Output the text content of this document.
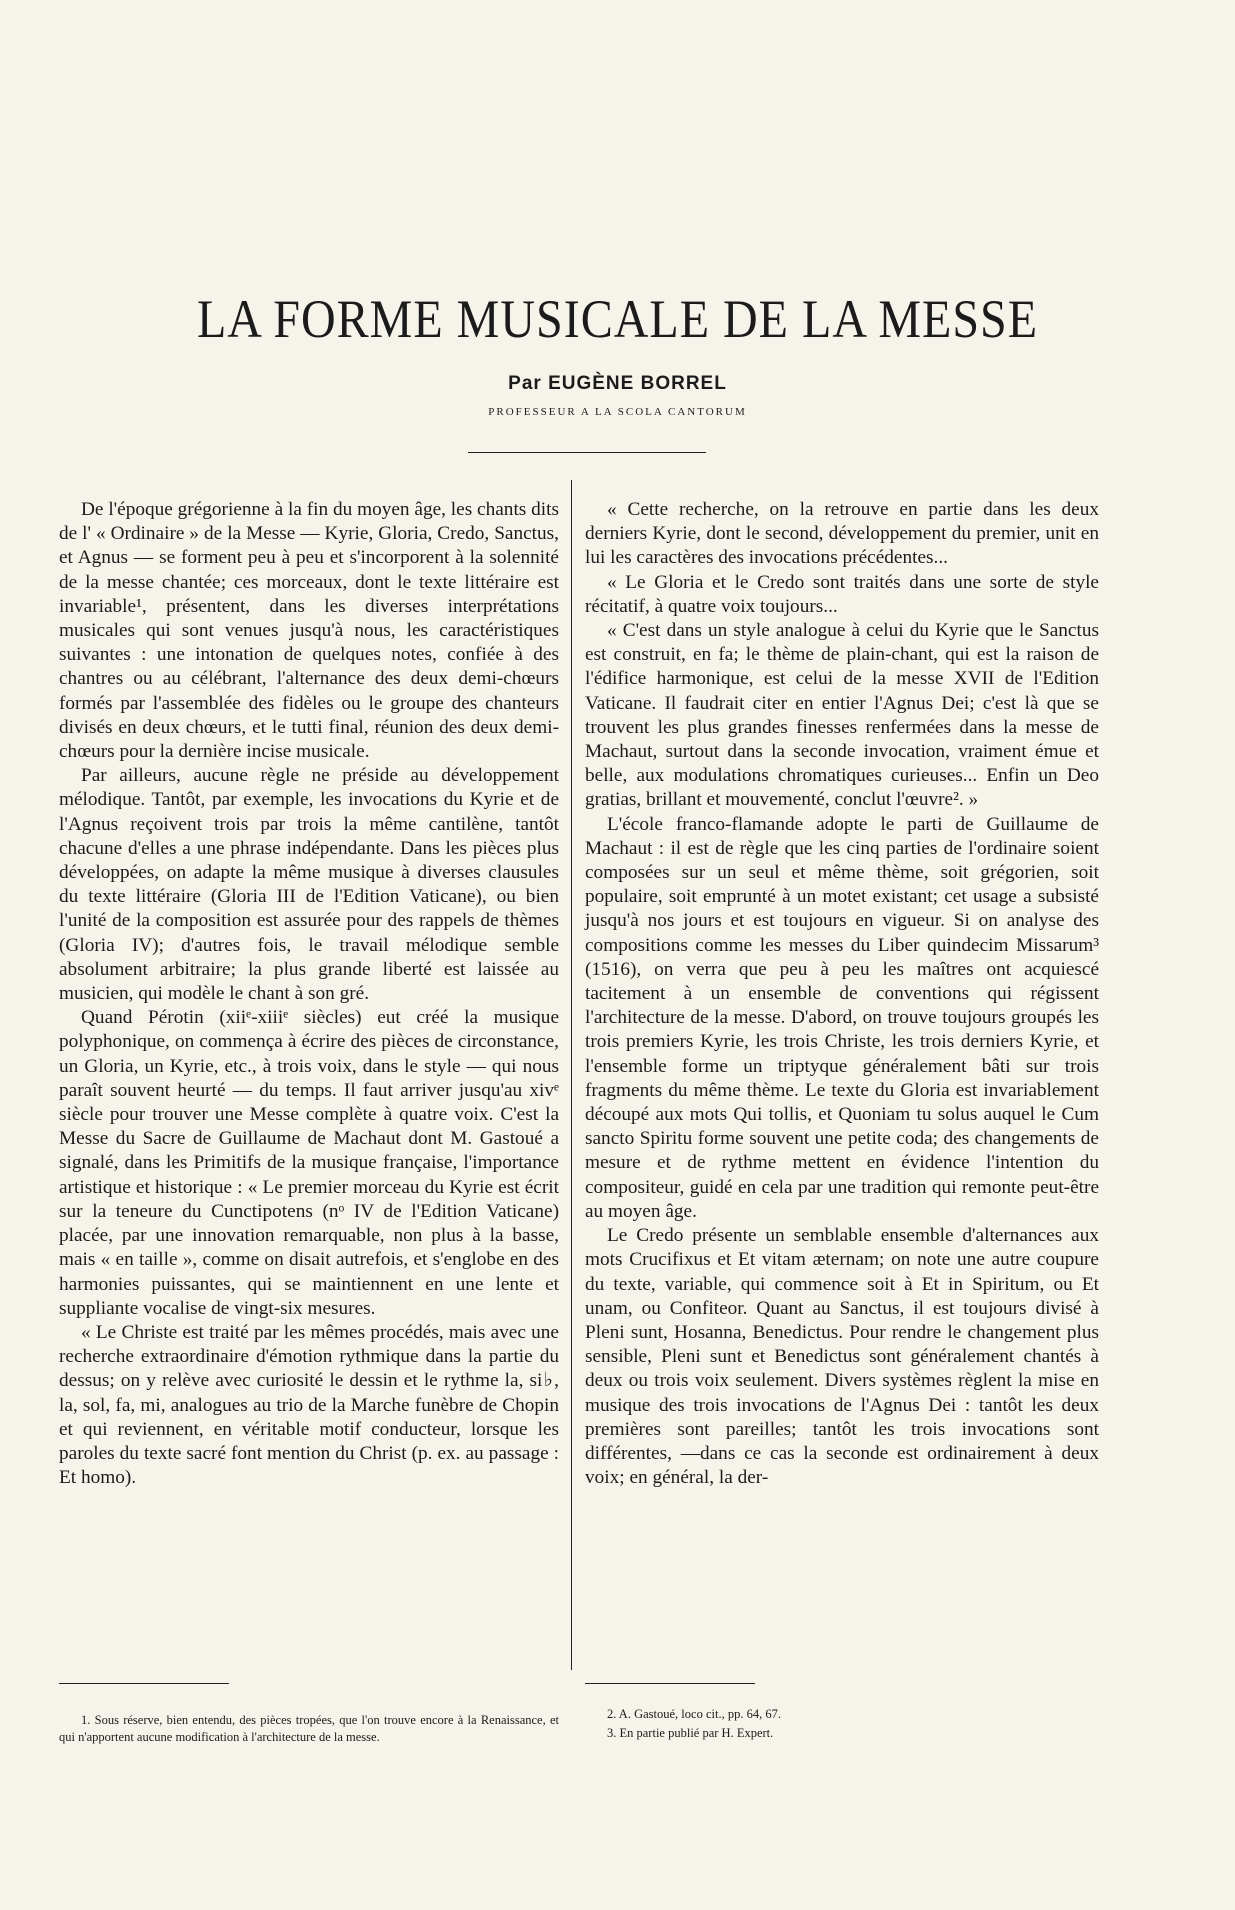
LA FORME MUSICALE DE LA MESSE
Par EUGÈNE BORREL
PROFESSEUR A LA SCOLA CANTORUM

De l'époque grégorienne à la fin du moyen âge, les chants dits de l' « Ordinaire » de la Messe — Kyrie, Gloria, Credo, Sanctus, et Agnus — se forment peu à peu et s'incorporent à la solennité de la messe chantée; ces morceaux, dont le texte littéraire est invariable¹, présentent, dans les diverses interprétations musicales qui sont venues jusqu'à nous, les caractéristiques suivantes : une intonation de quelques notes, confiée à des chantres ou au célébrant, l'alternance des deux demi-chœurs formés par l'assemblée des fidèles ou le groupe des chanteurs divisés en deux chœurs, et le tutti final, réunion des deux demi-chœurs pour la dernière incise musicale.

Par ailleurs, aucune règle ne préside au développement mélodique. Tantôt, par exemple, les invocations du Kyrie et de l'Agnus reçoivent trois par trois la même cantilène, tantôt chacune d'elles a une phrase indépendante. Dans les pièces plus développées, on adapte la même musique à diverses clausules du texte littéraire (Gloria III de l'Edition Vaticane), ou bien l'unité de la composition est assurée pour des rappels de thèmes (Gloria IV); d'autres fois, le travail mélodique semble absolument arbitraire; la plus grande liberté est laissée au musicien, qui modèle le chant à son gré.

Quand Pérotin (xiiᵉ-xiiiᵉ siècles) eut créé la musique polyphonique, on commença à écrire des pièces de circonstance, un Gloria, un Kyrie, etc., à trois voix, dans le style — qui nous paraît souvent heurté — du temps. Il faut arriver jusqu'au xivᵉ siècle pour trouver une Messe complète à quatre voix. C'est la Messe du Sacre de Guillaume de Machaut dont M. Gastoué a signalé, dans les Primitifs de la musique française, l'importance artistique et historique : « Le premier morceau du Kyrie est écrit sur la teneure du Cunctipotens (nᵒ IV de l'Edition Vaticane) placée, par une innovation remarquable, non plus à la basse, mais « en taille », comme on disait autrefois, et s'englobe en des harmonies puissantes, qui se maintiennent en une lente et suppliante vocalise de vingt-six mesures.

« Le Christe est traité par les mêmes procédés, mais avec une recherche extraordinaire d'émotion rythmique dans la partie du dessus; on y relève avec curiosité le dessin et le rythme la, si♭, la, sol, fa, mi, analogues au trio de la Marche funèbre de Chopin et qui reviennent, en véritable motif conducteur, lorsque les paroles du texte sacré font mention du Christ (p. ex. au passage : Et homo).

« Cette recherche, on la retrouve en partie dans les deux derniers Kyrie, dont le second, développement du premier, unit en lui les caractères des invocations précédentes...

« Le Gloria et le Credo sont traités dans une sorte de style récitatif, à quatre voix toujours...

« C'est dans un style analogue à celui du Kyrie que le Sanctus est construit, en fa; le thème de plain-chant, qui est la raison de l'édifice harmonique, est celui de la messe XVII de l'Edition Vaticane. Il faudrait citer en entier l'Agnus Dei; c'est là que se trouvent les plus grandes finesses renfermées dans la messe de Machaut, surtout dans la seconde invocation, vraiment émue et belle, aux modulations chromatiques curieuses... Enfin un Deo gratias, brillant et mouvementé, conclut l'œuvre². »

L'école franco-flamande adopte le parti de Guillaume de Machaut : il est de règle que les cinq parties de l'ordinaire soient composées sur un seul et même thème, soit grégorien, soit populaire, soit emprunté à un motet existant; cet usage a subsisté jusqu'à nos jours et est toujours en vigueur. Si on analyse des compositions comme les messes du Liber quindecim Missarum³ (1516), on verra que peu à peu les maîtres ont acquiescé tacitement à un ensemble de conventions qui régissent l'architecture de la messe. D'abord, on trouve toujours groupés les trois premiers Kyrie, les trois Christe, les trois derniers Kyrie, et l'ensemble forme un triptyque généralement bâti sur trois fragments du même thème. Le texte du Gloria est invariablement découpé aux mots Qui tollis, et Quoniam tu solus auquel le Cum sancto Spiritu forme souvent une petite coda; des changements de mesure et de rythme mettent en évidence l'intention du compositeur, guidé en cela par une tradition qui remonte peut-être au moyen âge.

Le Credo présente un semblable ensemble d'alternances aux mots Crucifixus et Et vitam æternam; on note une autre coupure du texte, variable, qui commence soit à Et in Spiritum, ou Et unam, ou Confiteor. Quant au Sanctus, il est toujours divisé à Pleni sunt, Hosanna, Benedictus. Pour rendre le changement plus sensible, Pleni sunt et Benedictus sont généralement chantés à deux ou trois voix seulement. Divers systèmes règlent la mise en musique des trois invocations de l'Agnus Dei : tantôt les deux premières sont pareilles; tantôt les trois invocations sont différentes, —dans ce cas la seconde est ordinairement à deux voix; en général, la der-

1. Sous réserve, bien entendu, des pièces tropées, que l'on trouve encore à la Renaissance, et qui n'apportent aucune modification à l'architecture de la messe.

2. A. Gastoué, loco cit., pp. 64, 67.

3. En partie publié par H. Expert.
